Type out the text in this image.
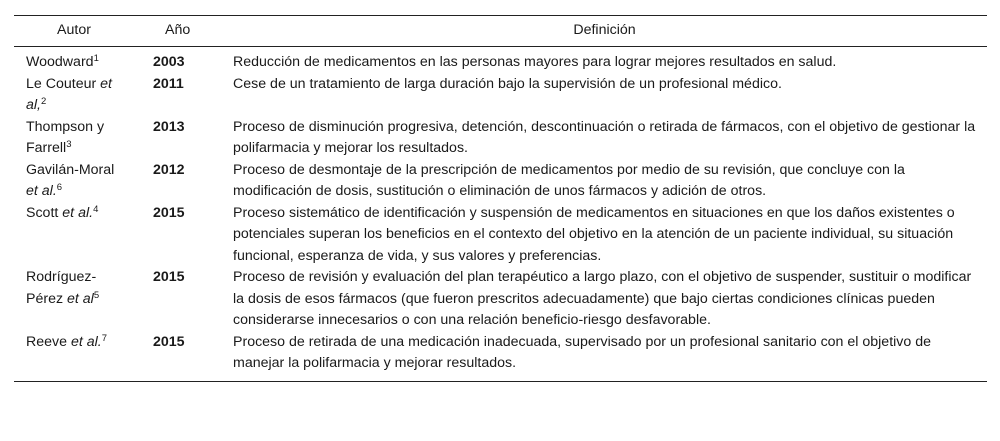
Autor	Año	Definición
Woodward$^1$	2003	Reducción de medicamentos en las personas mayores para lograr mejores resultados en salud.
Le Couteur et al,$^2$	2011	Cese de un tratamiento de larga duración bajo la supervisión de un profesional médico.
Thompson y Farrell$^3$	2013	Proceso de disminución progresiva, detención, descontinuación o retirada de fármacos, con el objetivo de gestionar la polifarmacia y mejorar los resultados.
Gavilán-Moral et al.$^6$	2012	Proceso de desmontaje de la prescripción de medicamentos por medio de su revisión, que concluye con la modificación de dosis, sustitución o eliminación de unos fármacos y adición de otros.
Scott et al.$^4$	2015	Proceso sistemático de identificación y suspensión de medicamentos en situaciones en que los daños existentes o potenciales superan los beneficios en el contexto del objetivo en la atención de un paciente individual, su situación funcional, esperanza de vida, y sus valores y preferencias.
Rodríguez-Pérez et $al^5$	2015	Proceso de revisión y evaluación del plan terapéutico a largo plazo, con el objetivo de suspender, sustituir o modificar la dosis de esos fármacos (que fueron prescritos adecuadamente) que bajo ciertas condiciones clínicas pueden considerarse innecesarios o con una relación beneficio-riesgo desfavorable.
Reeve et al.$^7$	2015	Proceso de retirada de una medicación inadecuada, supervisado por un profesional sanitario con el objetivo de manejar la polifarmacia y mejorar resultados.
